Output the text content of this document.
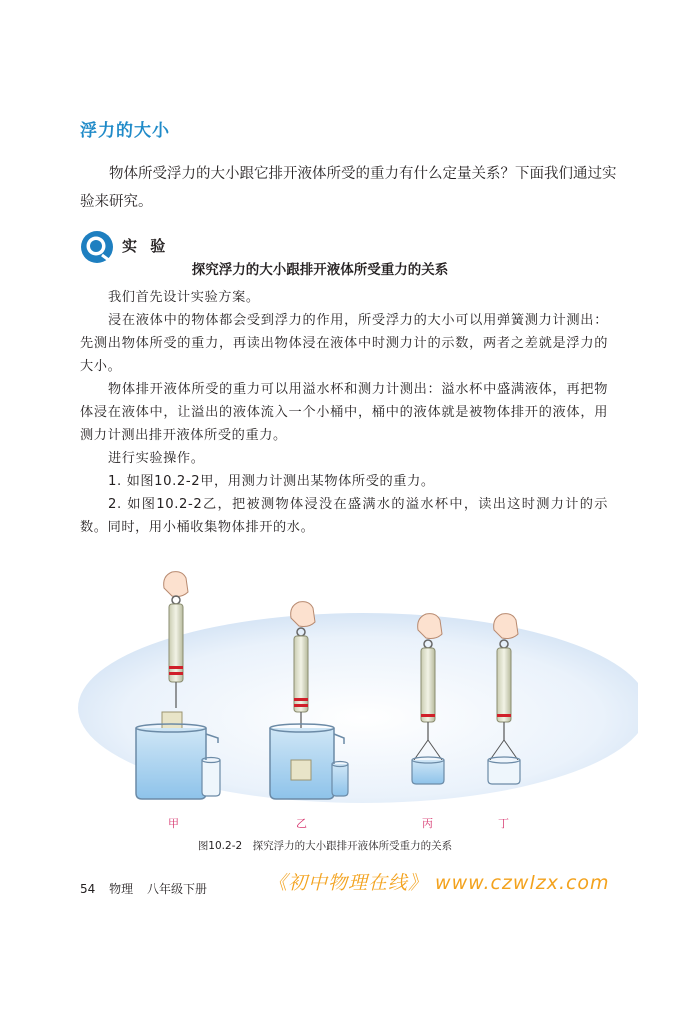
浮力的大小

物体所受浮力的大小跟它排开液体所受的重力有什么定量关系？下面我们通过实验来研究。

实 验
探究浮力的大小跟排开液体所受重力的关系

我们首先设计实验方案。

浸在液体中的物体都会受到浮力的作用，所受浮力的大小可以用弹簧测力计测出：先测出物体所受的重力，再读出物体浸在液体中时测力计的示数，两者之差就是浮力的大小。

物体排开液体所受的重力可以用溢水杯和测力计测出：溢水杯中盛满液体，再把物体浸在液体中，让溢出的液体流入一个小桶中，桶中的液体就是被物体排开的液体，用测力计测出排开液体所受的重力。

进行实验操作。

1. 如图10.2-2甲，用测力计测出某物体所受的重力。

2. 如图10.2-2乙，把被测物体浸没在盛满水的溢水杯中，读出这时测力计的示数。同时，用小桶收集物体排开的水。

甲	乙	丙	丁
图10.2-2　探究浮力的大小跟排开液体所受重力的关系
54 物理 八年级下册	《初中物理在线》 www.czwlzx.com
